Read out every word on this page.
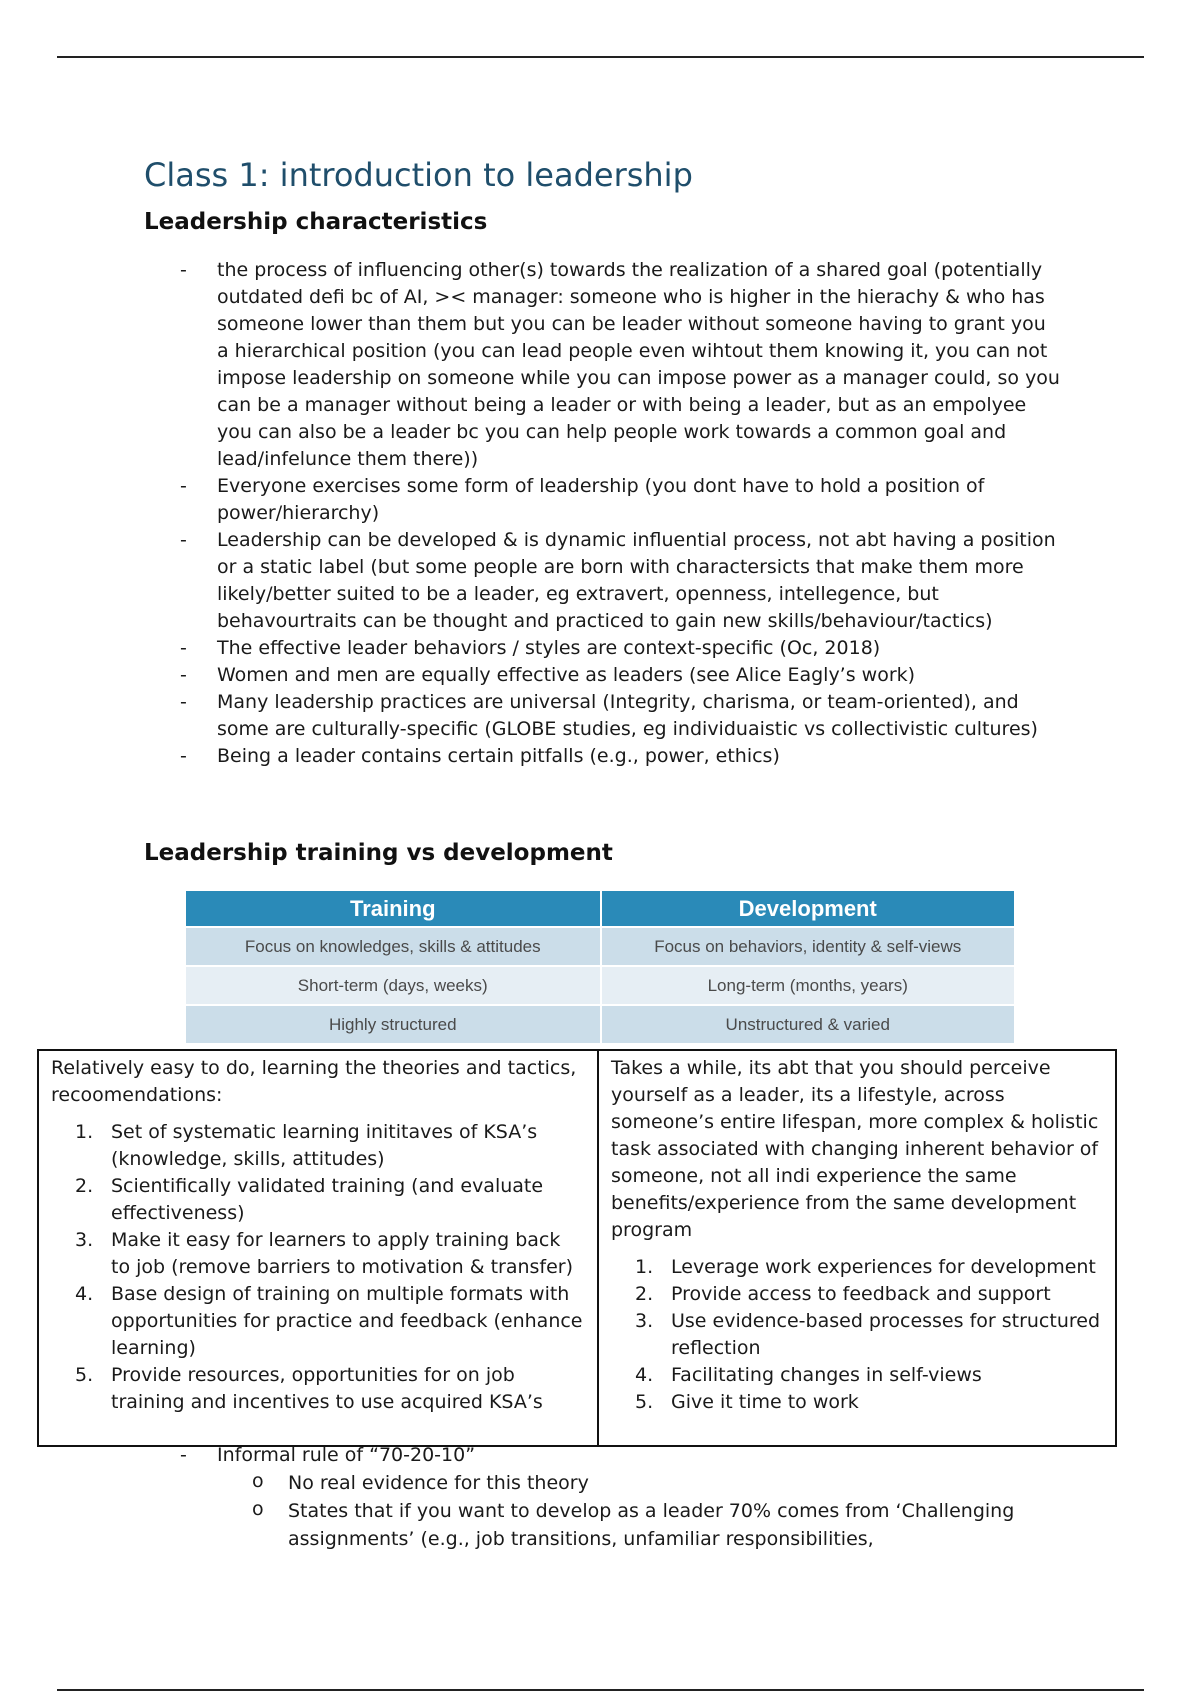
Class 1: introduction to leadership
Leadership characteristics
- the process of influencing other(s) towards the realization of a shared goal (potentially outdated defi bc of AI, >< manager: someone who is higher in the hierachy & who has someone lower than them but you can be leader without someone having to grant you a hierarchical position (you can lead people even wihtout them knowing it, you can not impose leadership on someone while you can impose power as a manager could, so you can be a manager without being a leader or with being a leader, but as an empolyee you can also be a leader bc you can help people work towards a common goal and lead/infelunce them there))
- Everyone exercises some form of leadership (you dont have to hold a position of power/hierarchy)
- Leadership can be developed & is dynamic influential process, not abt having a position or a static label (but some people are born with charactersicts that make them more likely/better suited to be a leader, eg extravert, openness, intellegence, but behavourtraits can be thought and practiced to gain new skills/behaviour/tactics)
- The effective leader behaviors / styles are context-specific (Oc, 2018)
- Women and men are equally effective as leaders (see Alice Eagly’s work)
- Many leadership practices are universal (Integrity, charisma, or team-oriented), and some are culturally-specific (GLOBE studies, eg individuaistic vs collectivistic cultures)
- Being a leader contains certain pitfalls (e.g., power, ethics)
Leadership training vs development
Training	Development
Focus on knowledges, skills & attitudes	Focus on behaviors, identity & self-views
Short-term (days, weeks)	Long-term (months, years)
Highly structured	Unstructured & varied

Relatively easy to do, learning the theories and tactics, recoomendations:

1. Set of systematic learning inititaves of KSA’s (knowledge, skills, attitudes)
2. Scientifically validated training (and evaluate effectiveness)
3. Make it easy for learners to apply training back to job (remove barriers to motivation & transfer)
4. Base design of training on multiple formats with opportunities for practice and feedback (enhance learning)
5. Provide resources, opportunities for on job training and incentives to use acquired KSA’s

Takes a while, its abt that you should perceive yourself as a leader, its a lifestyle, across someone’s entire lifespan, more complex & holistic task associated with changing inherent behavior of someone, not all indi experience the same benefits/experience from the same development program

1. Leverage work experiences for development
2. Provide access to feedback and support
3. Use evidence-based processes for structured reflection
4. Facilitating changes in self-views
5. Give it time to work
- Informal rule of “70-20-10”
o No real evidence for this theory
o States that if you want to develop as a leader 70% comes from ‘Challenging assignments’ (e.g., job transitions, unfamiliar responsibilities,
